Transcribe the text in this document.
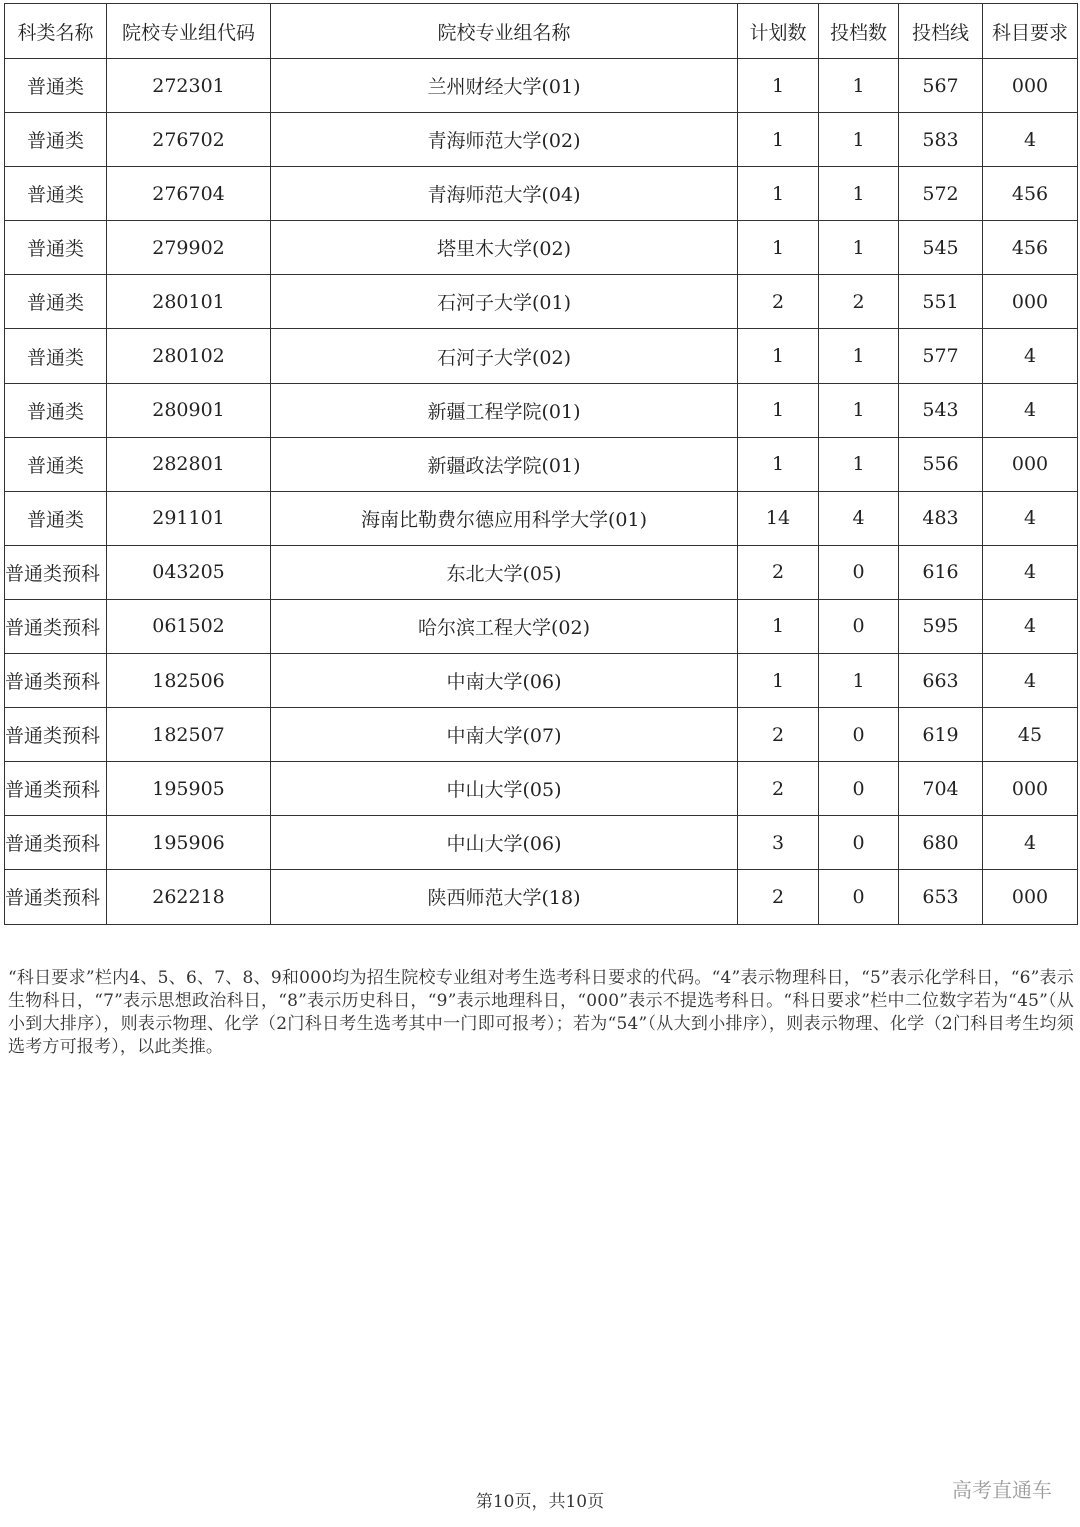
科类名称	院校专业组代码	院校专业组名称	计划数	投档数	投档线	科目要求
普通类	272301	兰州财经大学(01)	1	1	567	000
普通类	276702	青海师范大学(02)	1	1	583	4
普通类	276704	青海师范大学(04)	1	1	572	456
普通类	279902	塔里木大学(02)	1	1	545	456
普通类	280101	石河子大学(01)	2	2	551	000
普通类	280102	石河子大学(02)	1	1	577	4
普通类	280901	新疆工程学院(01)	1	1	543	4
普通类	282801	新疆政法学院(01)	1	1	556	000
普通类	291101	海南比勒费尔德应用科学大学(01)	14	4	483	4
普通类预科	043205	东北大学(05)	2	0	616	4
普通类预科	061502	哈尔滨工程大学(02)	1	0	595	4
普通类预科	182506	中南大学(06)	1	1	663	4
普通类预科	182507	中南大学(07)	2	0	619	45
普通类预科	195905	中山大学(05)	2	0	704	000
普通类预科	195906	中山大学(06)	3	0	680	4
普通类预科	262218	陕西师范大学(18)	2	0	653	000
“科日要求”栏内4、5、6、7、8、9和000均为招生院校专业组对考生选考科日要求的代码。“4”表示物理科日，“5”表示化学科日，“6”表示生物科日，“7”表示思想政治科日，“8”表示历史科日，“9”表示地理科日，“000”表示不提选考科日。“科日要求”栏中二位数字若为“45”（从小到大排序），则表示物理、化学（2门科日考生选考其中一门即可报考）；若为“54”（从大到小排序），则表示物理、化学（2门科目考生均须选考方可报考），以此类推。
第10页，共10页	高考直通车
